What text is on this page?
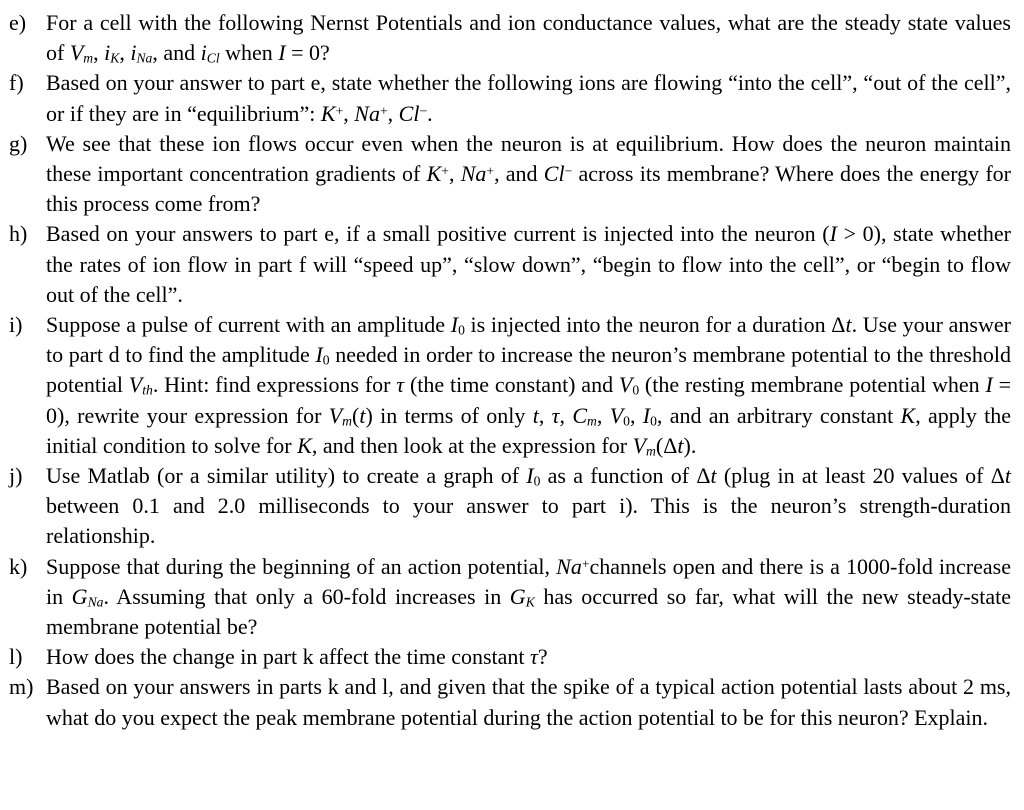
e) For a cell with the following Nernst Potentials and ion conductance values, what are the steady state values of Vm, iK, iNa, and iCl when I = 0?
f) Based on your answer to part e, state whether the following ions are flowing “into the cell”, “out of the cell”, or if they are in “equilibrium”: K+, Na+, Cl−.
g) We see that these ion flows occur even when the neuron is at equilibrium. How does the neuron maintain these important concentration gradients of K+, Na+, and Cl− across its membrane? Where does the energy for this process come from?
h) Based on your answers to part e, if a small positive current is injected into the neuron (I > 0), state whether the rates of ion flow in part f will “speed up”, “slow down”, “begin to flow into the cell”, or “begin to flow out of the cell”.
i) Suppose a pulse of current with an amplitude I0 is injected into the neuron for a duration Δt. Use your answer to part d to find the amplitude I0 needed in order to increase the neuron’s membrane potential to the threshold potential Vth. Hint: find expressions for τ (the time constant) and V0 (the resting membrane potential when I = 0), rewrite your expression for Vm(t) in terms of only t, τ, Cm, V0, I0, and an arbitrary constant K, apply the initial condition to solve for K, and then look at the expression for Vm(Δt).
j) Use Matlab (or a similar utility) to create a graph of I0 as a function of Δt (plug in at least 20 values of Δt between 0.1 and 2.0 milliseconds to your answer to part i). This is the neuron’s strength-duration relationship.
k) Suppose that during the beginning of an action potential, Na+channels open and there is a 1000-fold increase in GNa. Assuming that only a 60-fold increases in GK has occurred so far, what will the new steady-state membrane potential be?
l) How does the change in part k affect the time constant τ?
m) Based on your answers in parts k and l, and given that the spike of a typical action potential lasts about 2 ms, what do you expect the peak membrane potential during the action potential to be for this neuron? Explain.
